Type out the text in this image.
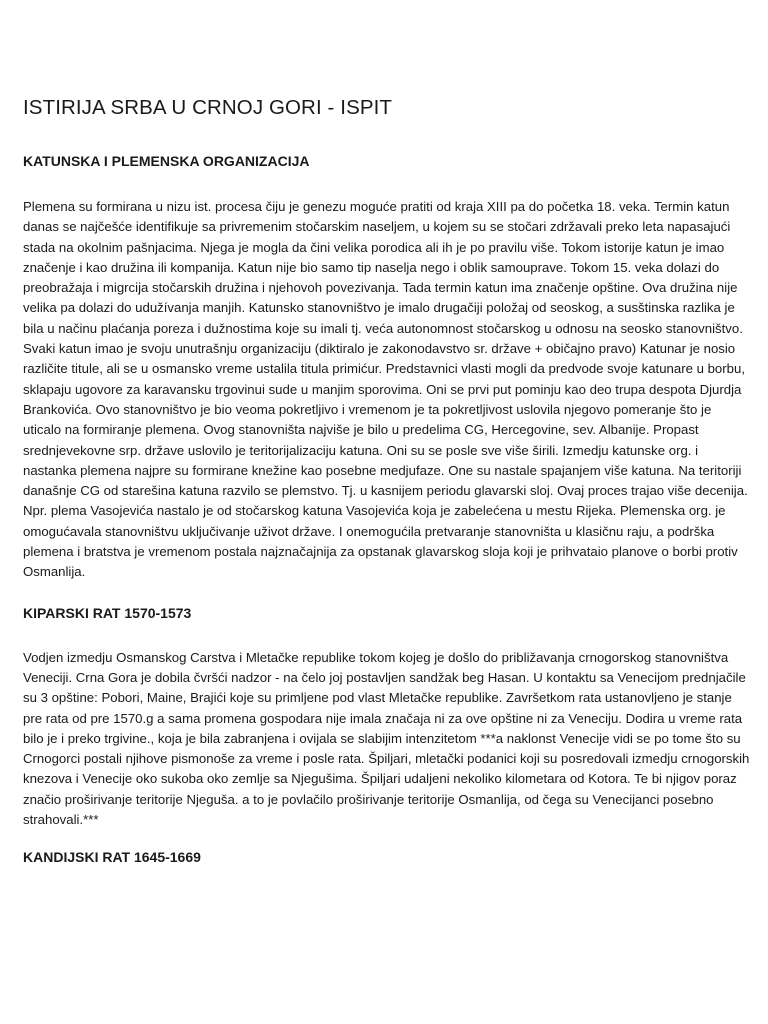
ISTIRIJA SRBA U CRNOJ GORI - ISPIT
KATUNSKA I PLEMENSKA ORGANIZACIJA

Plemena su formirana u nizu ist. procesa čiju je genezu moguće pratiti od kraja XIII pa do početka 18. veka. Termin katun danas se najčešće identifikuje sa privremenim stočarskim naseljem, u kojem su se stočari zdržavali preko leta napasajući stada na okolnim pašnjacima. Njega je mogla da čini velika porodica ali ih je po pravilu više. Tokom istorije katun je imao značenje i kao družina ili kompanija. Katun nije bio samo tip naselja nego i oblik samouprave. Tokom 15. veka dolazi do preobražaja i migrcija stočarskih družina i njehovoh povezivanja. Tada termin katun ima značenje opštine. Ova družina nije velika pa dolazi do udužívanja manjih. Katunsko stanovništvo je imalo drugačiji položaj od seoskog, a susštinska razlika je bila u načinu plaćanja poreza i dužnostima koje su imali tj. veća autonomnost stočarskog u odnosu na seosko stanovništvo. Svaki katun imao je svoju unutrašnju organizaciju (diktiralo je zakonodavstvo sr. države + običajno pravo) Katunar je nosio različite titule, ali se u osmansko vreme ustalila titula primićur. Predstavnici vlasti mogli da predvode svoje katunare u borbu, sklapaju ugovore za karavansku trgovinui sude u manjim sporovima. Oni se prvi put pominju kao deo trupa despota Djurdja Brankovića. Ovo stanovništvo je bio veoma pokretljivo i vremenom je ta pokretljivost uslovila njegovo pomeranje što je uticalo na formiranje plemena. Ovog stanovništa najviše je bilo u predelima CG, Hercegovine, sev. Albanije. Propast srednjevekovne srp. države uslovilo je teritorijalizaciju katuna. Oni su se posle sve više širili. Izmedju katunske org. i nastanka plemena najpre su formirane knežine kao posebne medjufaze. One su nastale spajanjem više katuna. Na teritoriji današnje CG od starešina katuna razvilo se plemstvo. Tj. u kasnijem periodu glavarski sloj. Ovaj proces trajao više decenija. Npr. plema Vasojevića nastalo je od stočarskog katuna Vasojevića koja je zabelećena u mestu Rijeka. Plemenska org. je omogućavala stanovništvu uključivanje uživot države. I onemogućila pretvaranje stanovništa u klasičnu raju, a podrška plemena i bratstva je vremenom postala najznačajnija za opstanak glavarskog sloja koji je prihvataio planove o borbi protiv Osmanlija.

KIPARSKI RAT 1570-1573

Vodjen izmedju Osmanskog Carstva i Mletačke republike tokom kojeg je došlo do približavanja crnogorskog stanovništva Veneciji. Crna Gora je dobila čvršći nadzor - na čelo joj postavljen sandžak beg Hasan. U kontaktu sa Venecijom prednjačile su 3 opštine: Pobori, Maine, Brajići koje su primljene pod vlast Mletačke republike. Završetkom rata ustanovljeno je stanje pre rata od pre 1570.g a sama promena gospodara nije imala značaja ni za ove opštine ni za Veneciju. Dodira u vreme rata bilo je i preko trgivine., koja je bila zabranjena i ovijala se slabijim intenzitetom ***a naklonst Venecije vidi se po tome što su Crnogorci postali njihove pismonoše za vreme i posle rata. Špiljari, mletački podanici koji su posredovali izmedju crnogorskih knezova i Venecije oko sukoba oko zemlje sa Njegušima. Špiljari udaljeni nekoliko kilometara od Kotora. Te bi njigov poraz značio proširivanje teritorije Njeguša. a to je povlačilo proširivanje teritorije Osmanlija, od čega su Venecijanci posebno strahovali.***

KANDIJSKI RAT 1645-1669
